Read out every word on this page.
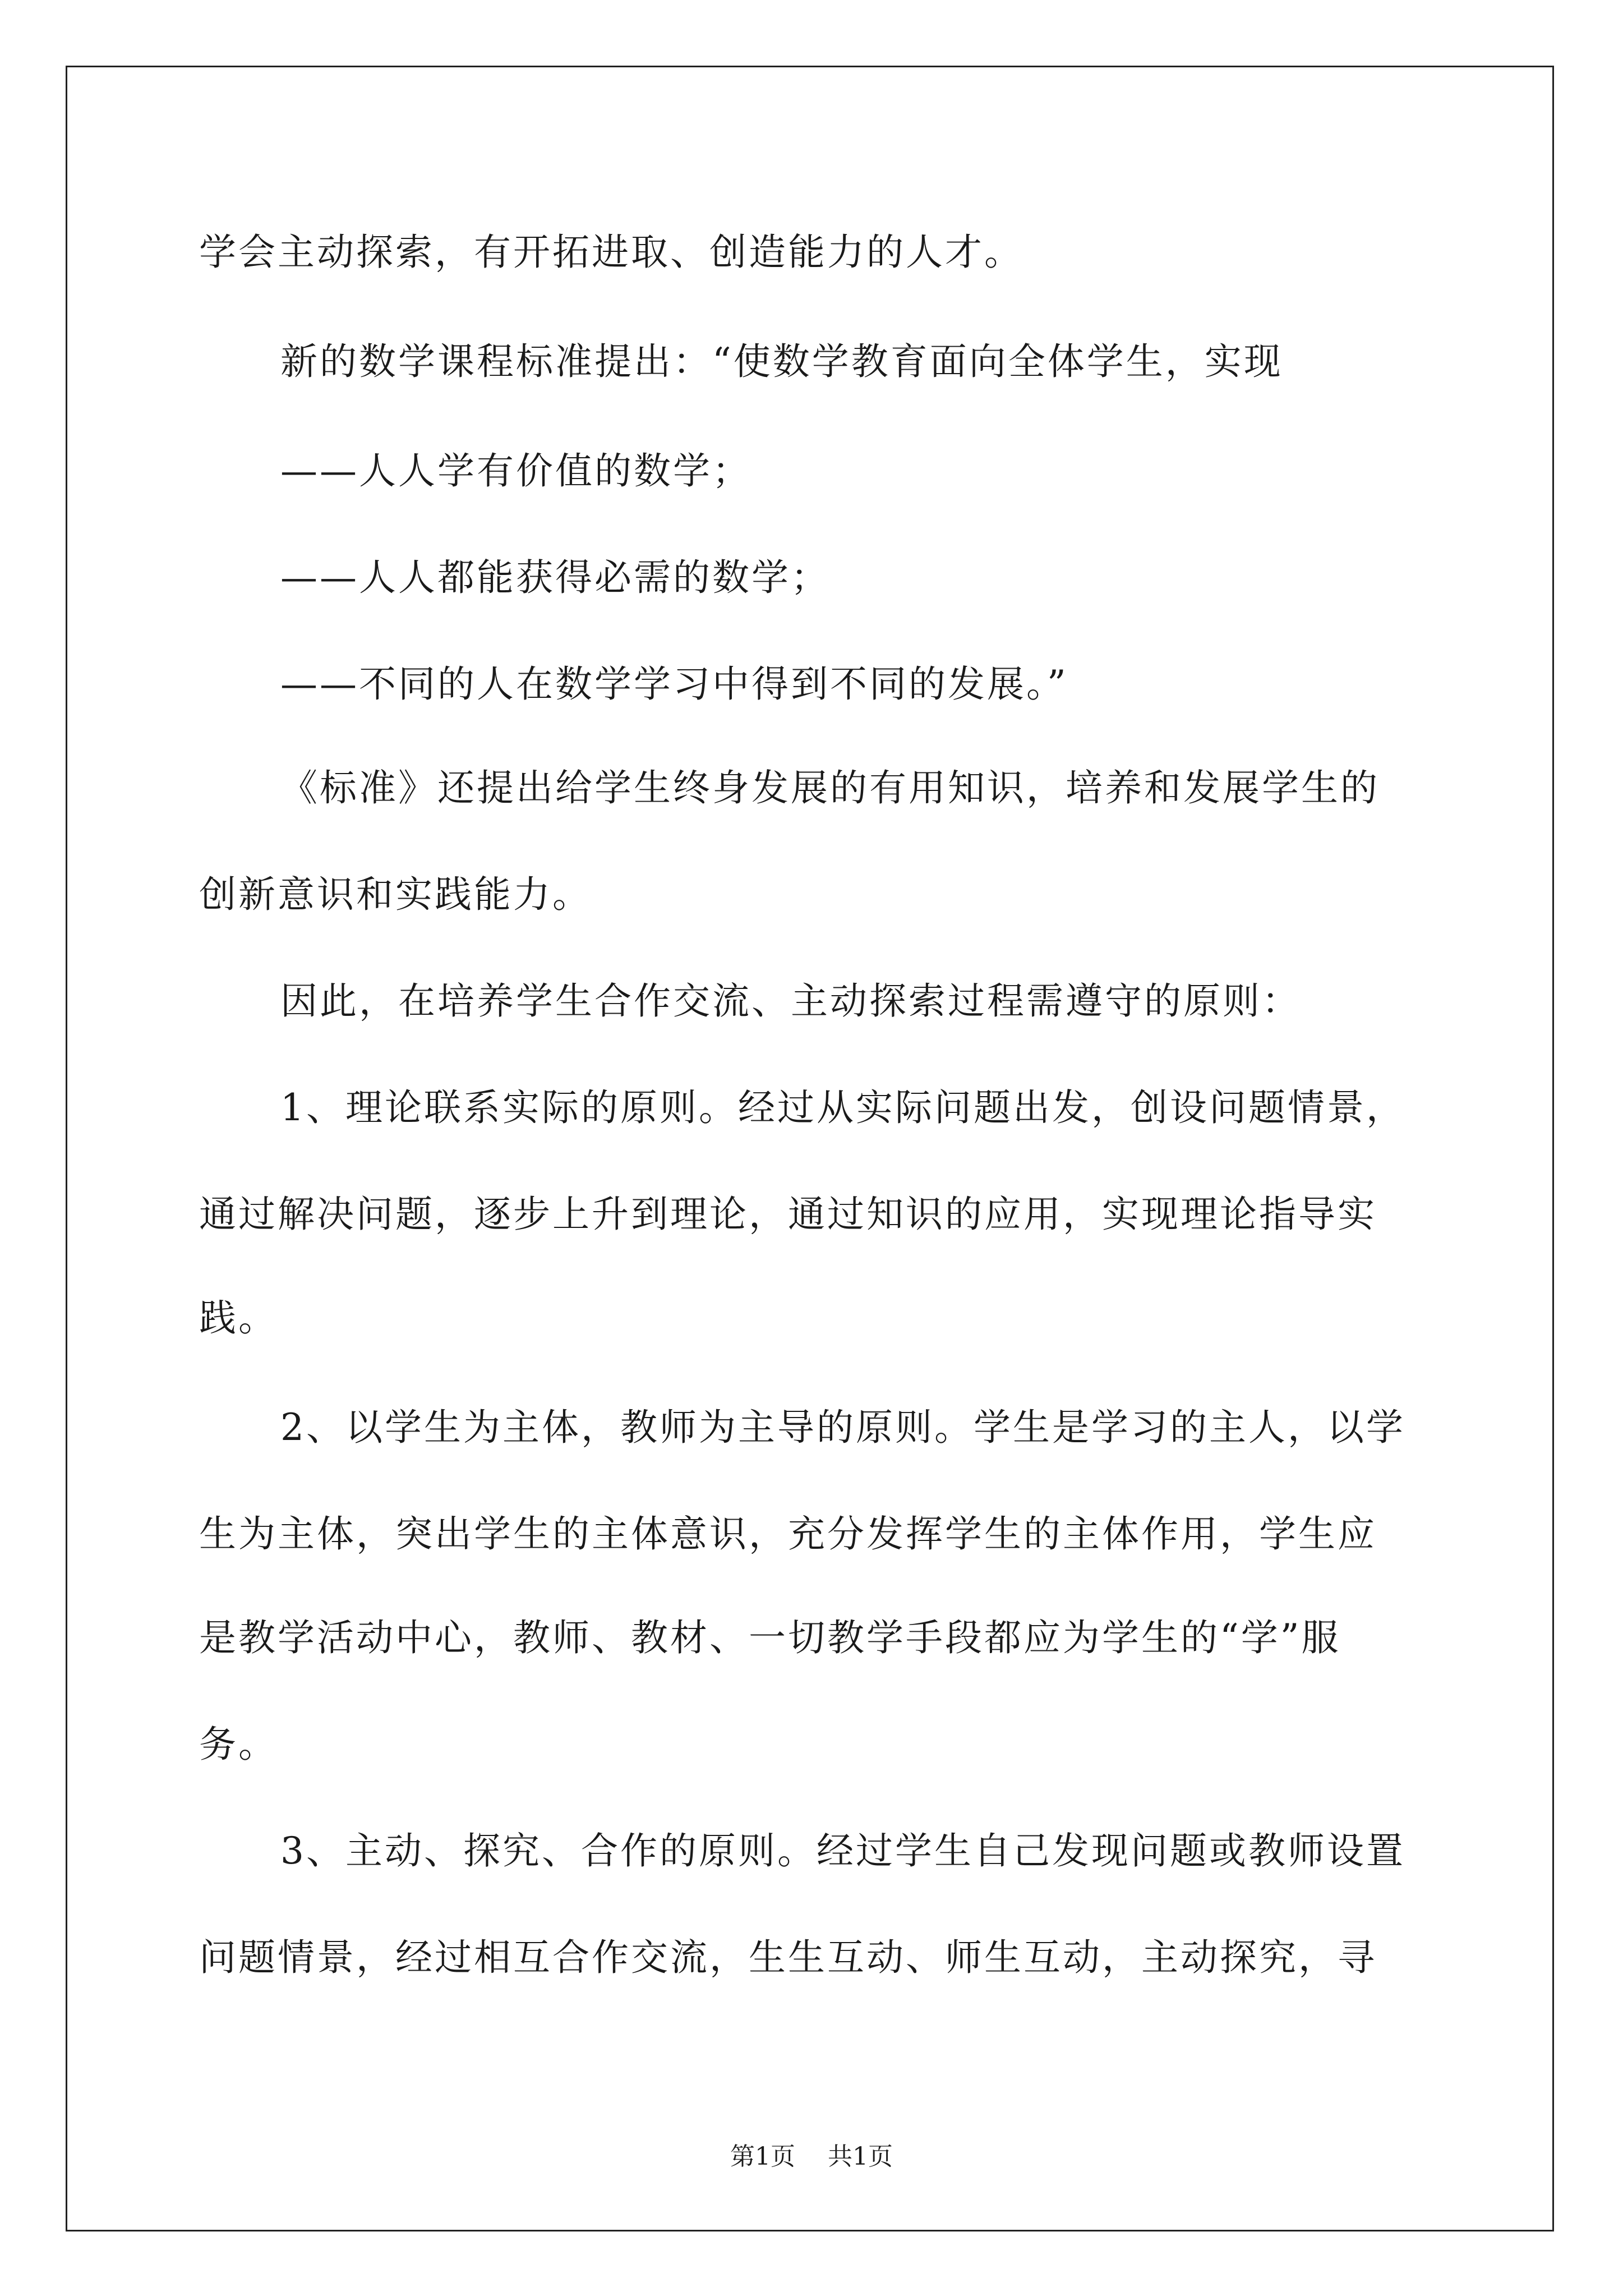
学会主动探索，有开拓进取、创造能力的人才。
新的数学课程标准提出：“使数学教育面向全体学生，实现
——人人学有价值的数学；
——人人都能获得必需的数学；
——不同的人在数学学习中得到不同的发展。”
《标准》还提出给学生终身发展的有用知识，培养和发展学生的
创新意识和实践能力。
因此，在培养学生合作交流、主动探索过程需遵守的原则：
1、理论联系实际的原则。经过从实际问题出发，创设问题情景，
通过解决问题，逐步上升到理论，通过知识的应用，实现理论指导实
践。
2、以学生为主体，教师为主导的原则。学生是学习的主人，以学
生为主体，突出学生的主体意识，充分发挥学生的主体作用，学生应
是教学活动中心，教师、教材、一切教学手段都应为学生的“学”服
务。
3、主动、探究、合作的原则。经过学生自己发现问题或教师设置
问题情景，经过相互合作交流，生生互动、师生互动，主动探究，寻
第1页 共1页
